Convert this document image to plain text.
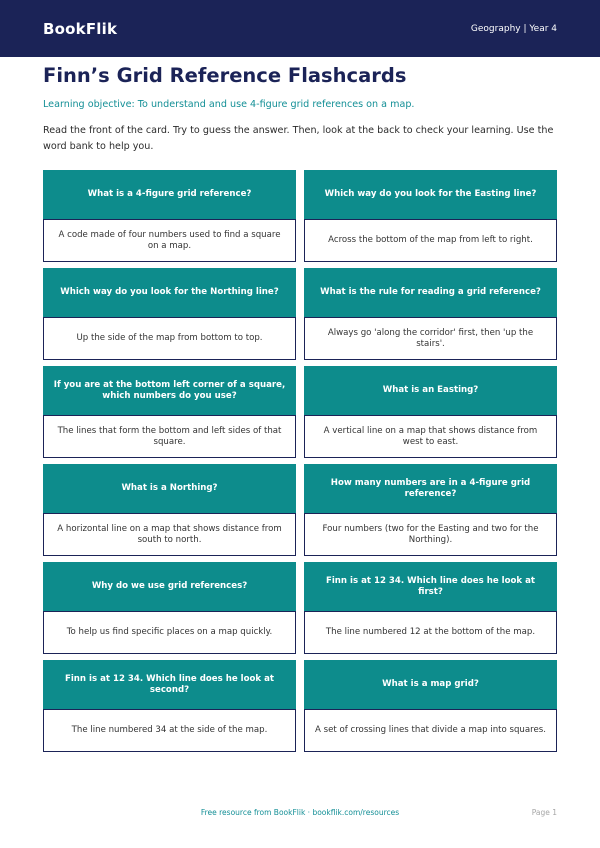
BookFlik	Geography | Year 4
Finn’s Grid Reference Flashcards

Learning objective: To understand and use 4-figure grid references on a map.

Read the front of the card. Try to guess the answer. Then, look at the back to check your learning. Use the word bank to help you.

What is a 4-figure grid reference?
A code made of four numbers used to find a square on a map.
Which way do you look for the Easting line?
Across the bottom of the map from left to right.
Which way do you look for the Northing line?
Up the side of the map from bottom to top.
What is the rule for reading a grid reference?
Always go 'along the corridor' first, then 'up the stairs'.
If you are at the bottom left corner of a square, which numbers do you use?
The lines that form the bottom and left sides of that square.
What is an Easting?
A vertical line on a map that shows distance from west to east.
What is a Northing?
A horizontal line on a map that shows distance from south to north.
How many numbers are in a 4-figure grid reference?
Four numbers (two for the Easting and two for the Northing).
Why do we use grid references?
To help us find specific places on a map quickly.
Finn is at 12 34. Which line does he look at first?
The line numbered 12 at the bottom of the map.
Finn is at 12 34. Which line does he look at second?
The line numbered 34 at the side of the map.
What is a map grid?
A set of crossing lines that divide a map into squares.
Free resource from BookFlik · bookflik.com/resources	Page 1
